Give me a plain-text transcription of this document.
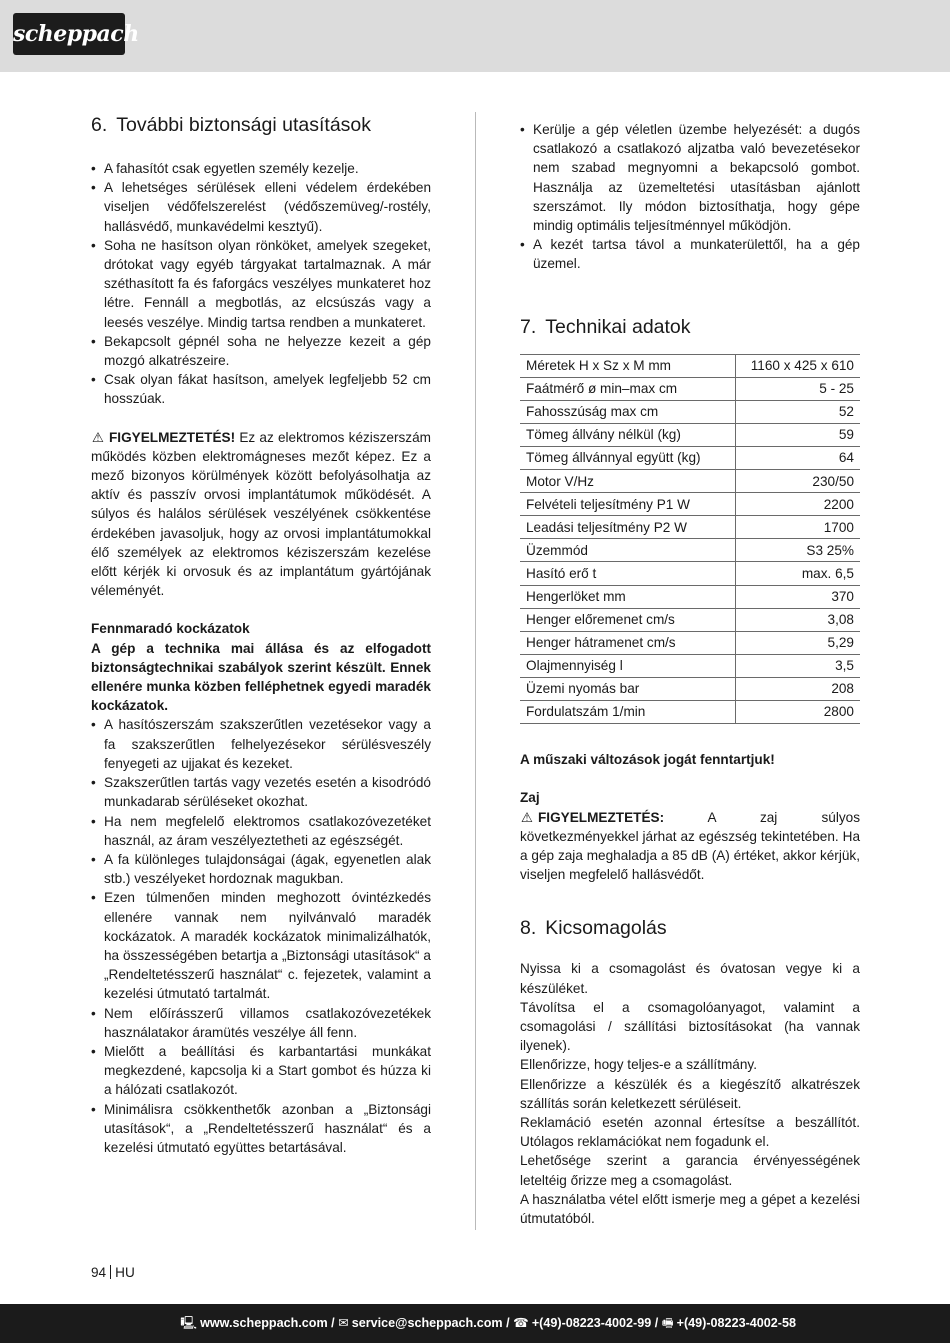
scheppach
6. További biztonsági utasítások
• A fahasítót csak egyetlen személy kezelje.
• A lehetséges sérülések elleni védelem érdekében viseljen védőfelszerelést (védőszemüveg/-rostély, hallásvédő, munkavédelmi kesztyű).
• Soha ne hasítson olyan rönköket, amelyek szegeket, drótokat vagy egyéb tárgyakat tartalmaznak. A már széthasított fa és faforgács veszélyes munkateret hoz létre. Fennáll a megbotlás, az elcsúszás vagy a leesés veszélye. Mindig tartsa rendben a munkateret.
• Bekapcsolt gépnél soha ne helyezze kezeit a gép mozgó alkatrészeire.
• Csak olyan fákat hasítson, amelyek legfeljebb 52 cm hosszúak.

⚠ FIGYELMEZTETÉS! Ez az elektromos kéziszerszám működés közben elektromágneses mezőt képez. Ez a mező bizonyos körülmények között befolyásolhatja az aktív és passzív orvosi implantátumok működését. A súlyos és halálos sérülések veszélyének csökkentése érdekében javasoljuk, hogy az orvosi implantátumokkal élő személyek az elektromos kéziszerszám kezelése előtt kérjék ki orvosuk és az implantátum gyártójának véleményét.

Fennmaradó kockázatok

A gép a technika mai állása és az elfogadott biztonságtechnikai szabályok szerint készült. Ennek ellenére munka közben felléphetnek egyedi maradék kockázatok.

• A hasítószerszám szakszerűtlen vezetésekor vagy a fa szakszerűtlen felhelyezésekor sérülésveszély fenyegeti az ujjakat és kezeket.
• Szakszerűtlen tartás vagy vezetés esetén a kisodródó munkadarab sérüléseket okozhat.
• Ha nem megfelelő elektromos csatlakozóvezetéket használ, az áram veszélyeztetheti az egészségét.
• A fa különleges tulajdonságai (ágak, egyenetlen alak stb.) veszélyeket hordoznak magukban.
• Ezen túlmenően minden meghozott óvintézkedés ellenére vannak nem nyilvánvaló maradék kockázatok. A maradék kockázatok minimalizálhatók, ha összességében betartja a „Biztonsági utasítások“ a „Rendeltetésszerű használat“ c. fejezetek, valamint a kezelési útmutató tartalmát.
• Nem előírásszerű villamos csatlakozóvezetékek használatakor áramütés veszélye áll fenn.
• Mielőtt a beállítási és karbantartási munkákat megkezdené, kapcsolja ki a Start gombot és húzza ki a hálózati csatlakozót.
• Minimálisra csökkenthetők azonban a „Biztonsági utasítások“, a „Rendeltetésszerű használat“ és a kezelési útmutató együttes betartásával.
• Kerülje a gép véletlen üzembe helyezését: a dugós csatlakozó a csatlakozó aljzatba való bevezetésekor nem szabad megnyomni a bekapcsoló gombot. Használja az üzemeltetési utasításban ajánlott szerszámot. Ily módon biztosíthatja, hogy gépe mindig optimális teljesítménnyel működjön.
• A kezét tartsa távol a munkaterülettől, ha a gép üzemel.
7. Technikai adatok
Méretek H x Sz x M mm	1160 x 425 x 610
Faátmérő ø min–max cm	5 - 25
Fahosszúság max cm	52
Tömeg állvány nélkül (kg)	59
Tömeg állvánnyal együtt (kg)	64
Motor V/Hz	230/50
Felvételi teljesítmény P1 W	2200
Leadási teljesítmény P2 W	1700
Üzemmód	S3 25%
Hasító erő t	max. 6,5
Hengerlöket mm	370
Henger előremenet cm/s	3,08
Henger hátramenet cm/s	5,29
Olajmennyiség l	3,5
Üzemi nyomás bar	208
Fordulatszám 1/min	2800

A műszaki változások jogát fenntartjuk!

Zaj

⚠ FIGYELMEZTETÉS: A zaj súlyos következményekkel járhat az egészség tekintetében. Ha a gép zaja meghaladja a 85 dB (A) értéket, akkor kérjük, viseljen megfelelő hallásvédőt.

8. Kicsomagolás

Nyissa ki a csomagolást és óvatosan vegye ki a készüléket.

Távolítsa el a csomagolóanyagot, valamint a csomagolási / szállítási biztosításokat (ha vannak ilyenek).

Ellenőrizze, hogy teljes-e a szállítmány.

Ellenőrizze a készülék és a kiegészítő alkatrészek szállítás során keletkezett sérüléseit.

Reklamáció esetén azonnal értesítse a beszállítót. Utólagos reklamációkat nem fogadunk el.

Lehetősége szerint a garancia érvényességének leteltéig őrizze meg a csomagolást.

A használatba vétel előtt ismerje meg a gépet a kezelési útmutatóból.

94 HU
🖳 www.scheppach.com / ✉ service@scheppach.com / ☎ +(49)-08223-4002-99 / 🖷 +(49)-08223-4002-58
